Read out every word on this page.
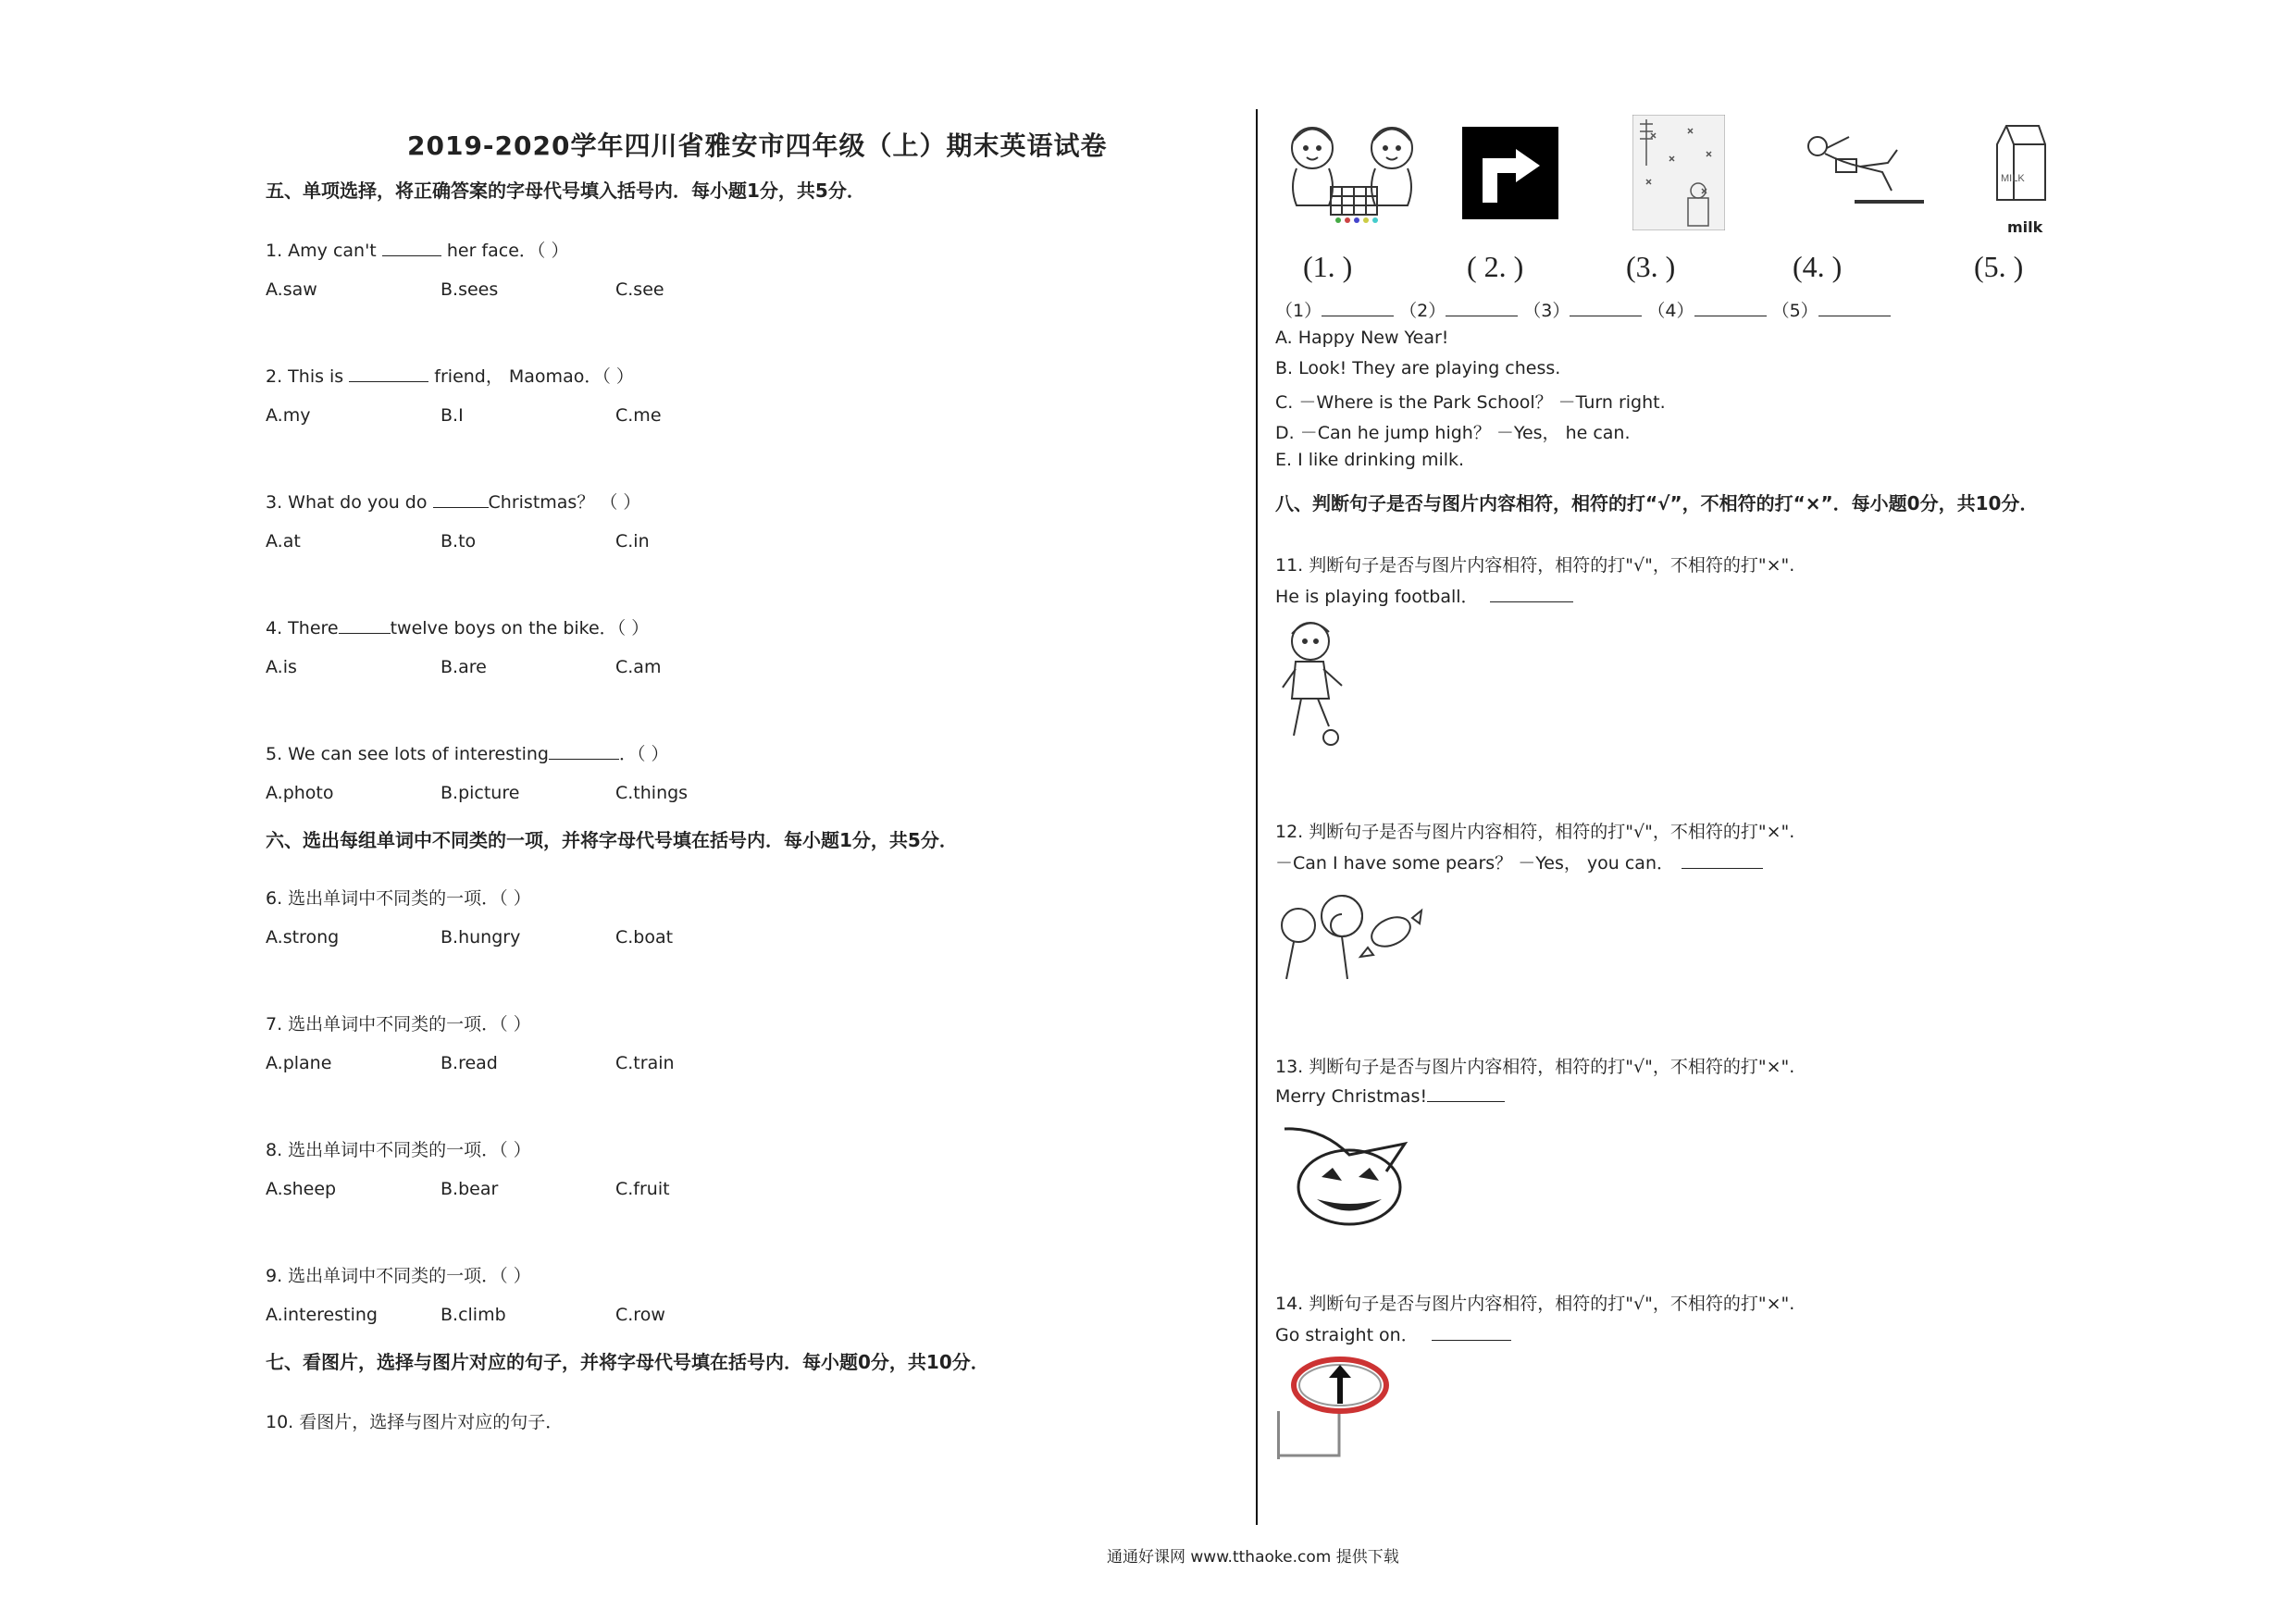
2019-2020学年四川省雅安市四年级（上）期末英语试卷
五、单项选择，将正确答案的字母代号填入括号内．每小题1分，共5分．
1. Amy can't	her face．（ ）
A.saw	B.sees	C.see
2. This is	friend， Maomao．（ ）
A.my	B.I	C.me
3. What do you do	Christmas？ （ ）
A.at	B.to	C.in
4. There	twelve boys on the bike．（ ）
A.is	B.are	C.am
5. We can see lots of interesting	．（ ）
A.photo	B.picture	C.things
六、选出每组单词中不同类的一项，并将字母代号填在括号内．每小题1分，共5分．
6. 选出单词中不同类的一项．（ ）
A.strong	B.hungry	C.boat
7. 选出单词中不同类的一项．（ ）
A.plane	B.read	C.train
8. 选出单词中不同类的一项．（ ）
A.sheep	B.bear	C.fruit
9. 选出单词中不同类的一项．（ ）
A.interesting	B.climb	C.row
七、看图片，选择与图片对应的句子，并将字母代号填在括号内．每小题0分，共10分．
10. 看图片，选择与图片对应的句子．
MILK
milk
(1. )	( 2. )	(3. )	(4. )	(5. )
（1）	（2）	（3）	（4）	（5）
A. Happy New Year!
B. Look! They are playing chess.
C. －Where is the Park School？ －Turn right.
D. －Can he jump high？ －Yes， he can.
E. I like drinking milk.
八、判断句子是否与图片内容相符，相符的打“√”，不相符的打“×”．每小题0分，共10分．
11. 判断句子是否与图片内容相符，相符的打"√"，不相符的打"×".
He is playing football．
12. 判断句子是否与图片内容相符，相符的打"√"，不相符的打"×".
－Can I have some pears？ －Yes， you can．
13. 判断句子是否与图片内容相符，相符的打"√"，不相符的打"×".
Merry Christmas!
14. 判断句子是否与图片内容相符，相符的打"√"，不相符的打"×".
Go straight on．
通通好课网 www.tthaoke.com 提供下载
